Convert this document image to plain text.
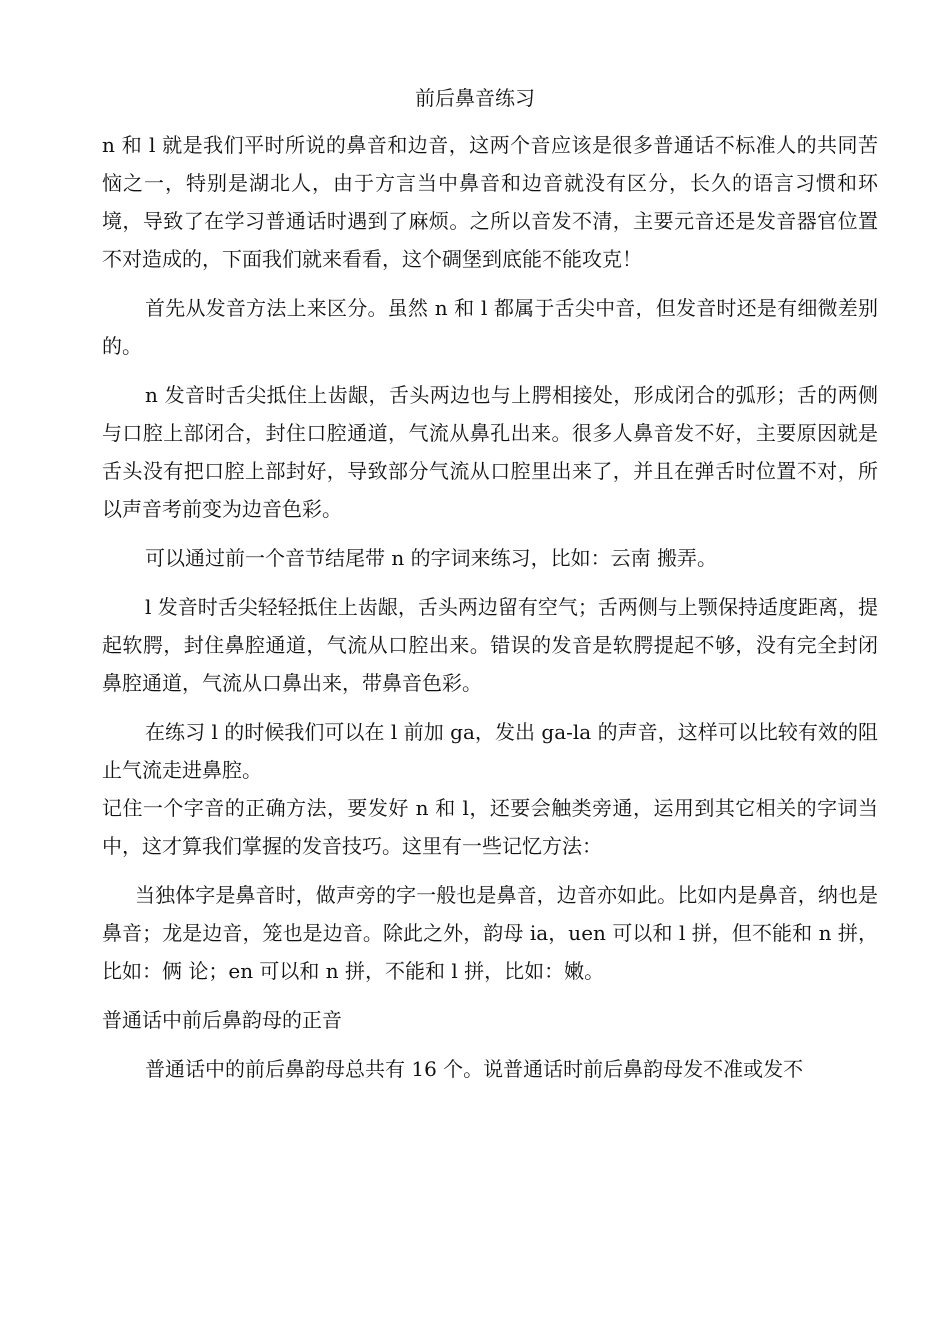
前后鼻音练习

n 和 l 就是我们平时所说的鼻音和边音，这两个音应该是很多普通话不标准人的共同苦恼之一，特别是湖北人，由于方言当中鼻音和边音就没有区分，长久的语言习惯和环境，导致了在学习普通话时遇到了麻烦。之所以音发不清，主要元音还是发音器官位置不对造成的，下面我们就来看看，这个碉堡到底能不能攻克！

首先从发音方法上来区分。虽然 n 和 l 都属于舌尖中音，但发音时还是有细微差别的。

n 发音时舌尖抵住上齿龈，舌头两边也与上腭相接处，形成闭合的弧形；舌的两侧与口腔上部闭合，封住口腔通道，气流从鼻孔出来。很多人鼻音发不好，主要原因就是舌头没有把口腔上部封好，导致部分气流从口腔里出来了，并且在弹舌时位置不对，所以声音考前变为边音色彩。

可以通过前一个音节结尾带 n 的字词来练习，比如：云南 搬弄。

l 发音时舌尖轻轻抵住上齿龈，舌头两边留有空气；舌两侧与上颚保持适度距离，提起软腭，封住鼻腔通道，气流从口腔出来。错误的发音是软腭提起不够，没有完全封闭鼻腔通道，气流从口鼻出来，带鼻音色彩。

在练习 l 的时候我们可以在 l 前加 ga，发出 ga-la 的声音，这样可以比较有效的阻止气流走进鼻腔。

记住一个字音的正确方法，要发好 n 和 l，还要会触类旁通，运用到其它相关的字词当中，这才算我们掌握的发音技巧。这里有一些记忆方法：

当独体字是鼻音时，做声旁的字一般也是鼻音，边音亦如此。比如内是鼻音，纳也是鼻音；龙是边音，笼也是边音。除此之外，韵母 ia，uen 可以和 l 拼，但不能和 n 拼，比如：俩 论；en 可以和 n 拼，不能和 l 拼，比如：嫩。

普通话中前后鼻韵母的正音

普通话中的前后鼻韵母总共有 16 个。说普通话时前后鼻韵母发不准或发不
